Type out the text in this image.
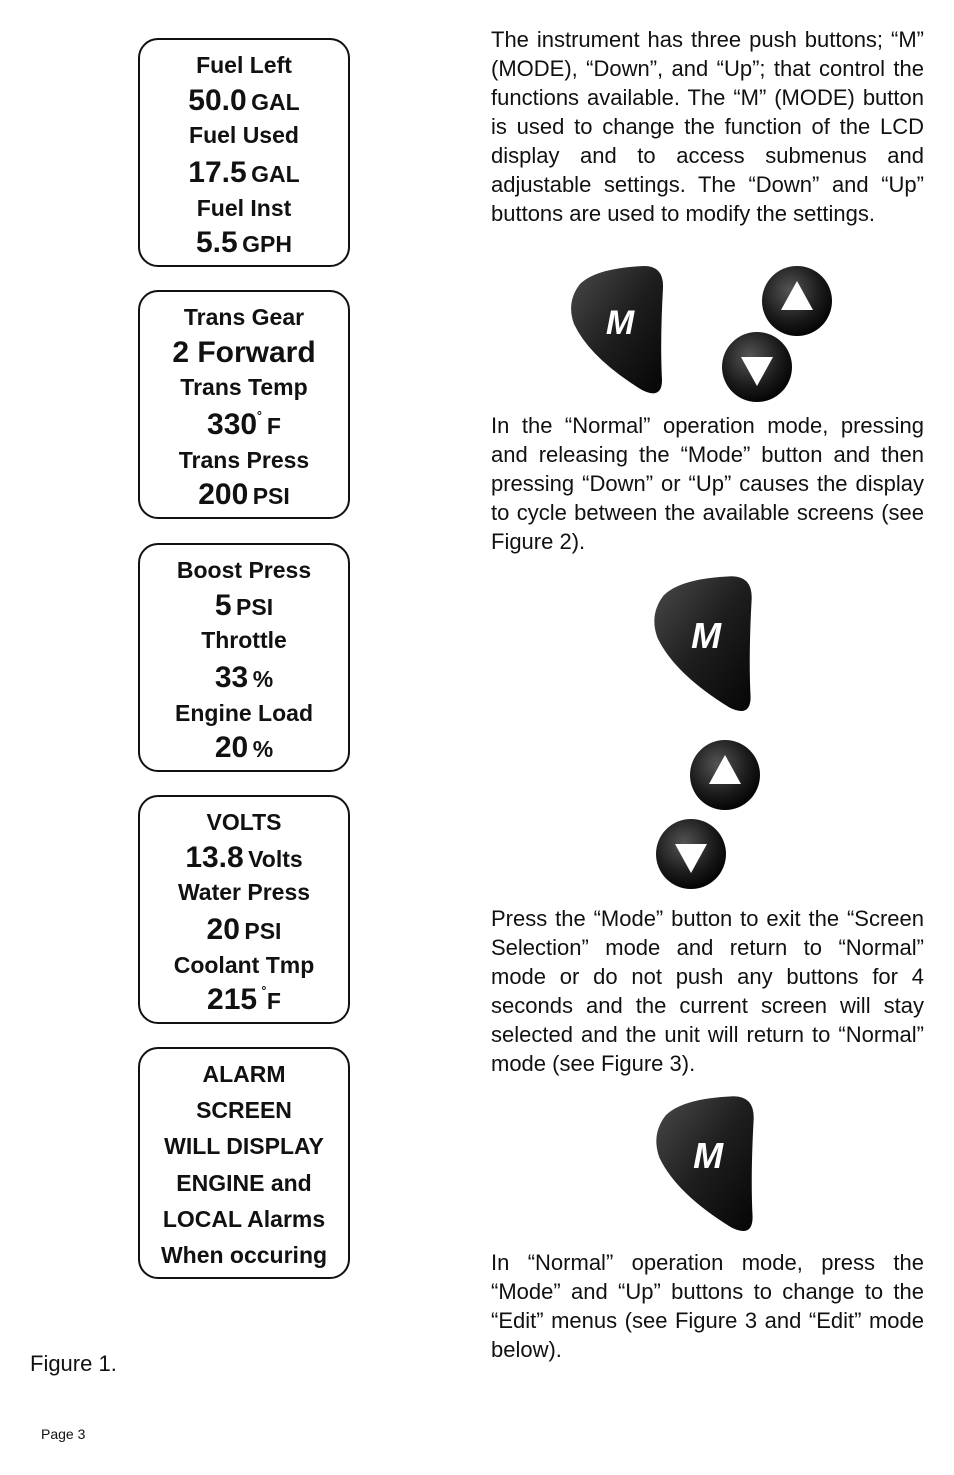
Fuel Left
50.0 GAL
Fuel Used
17.5 GAL
Fuel Inst
5.5 GPH
Trans Gear
2 Forward
Trans Temp
330˚ F
Trans Press
200 PSI
Boost Press
5 PSI
Throttle
33 %
Engine Load
20 %
VOLTS
13.8 Volts
Water Press
20 PSI
Coolant Tmp
215 ˚F
ALARM
SCREEN
WILL DISPLAY
ENGINE and
LOCAL Alarms
When occuring
Figure 1.
Page 3

The instrument has three push buttons; “M” (MODE), “Down”, and “Up”; that control the functions available. The “M” (MODE) button is used to change the function of the LCD display and to access submenus and adjustable settings. The “Down” and “Up” buttons are used to modify the settings.

In the “Normal” operation mode, pressing and releasing the “Mode” button and then pressing “Down” or “Up” causes the display to cycle between the available screens (see Figure 2).

Press the “Mode” button to exit the “Screen Selection” mode and return to “Normal” mode or do not push any buttons for 4 seconds and the current screen will stay selected and the unit will return to “Normal” mode (see Figure 3).

In “Normal” operation mode, press the “Mode” and “Up” buttons to change to the “Edit” menus (see Figure 3 and “Edit” mode below).

M
M
M
